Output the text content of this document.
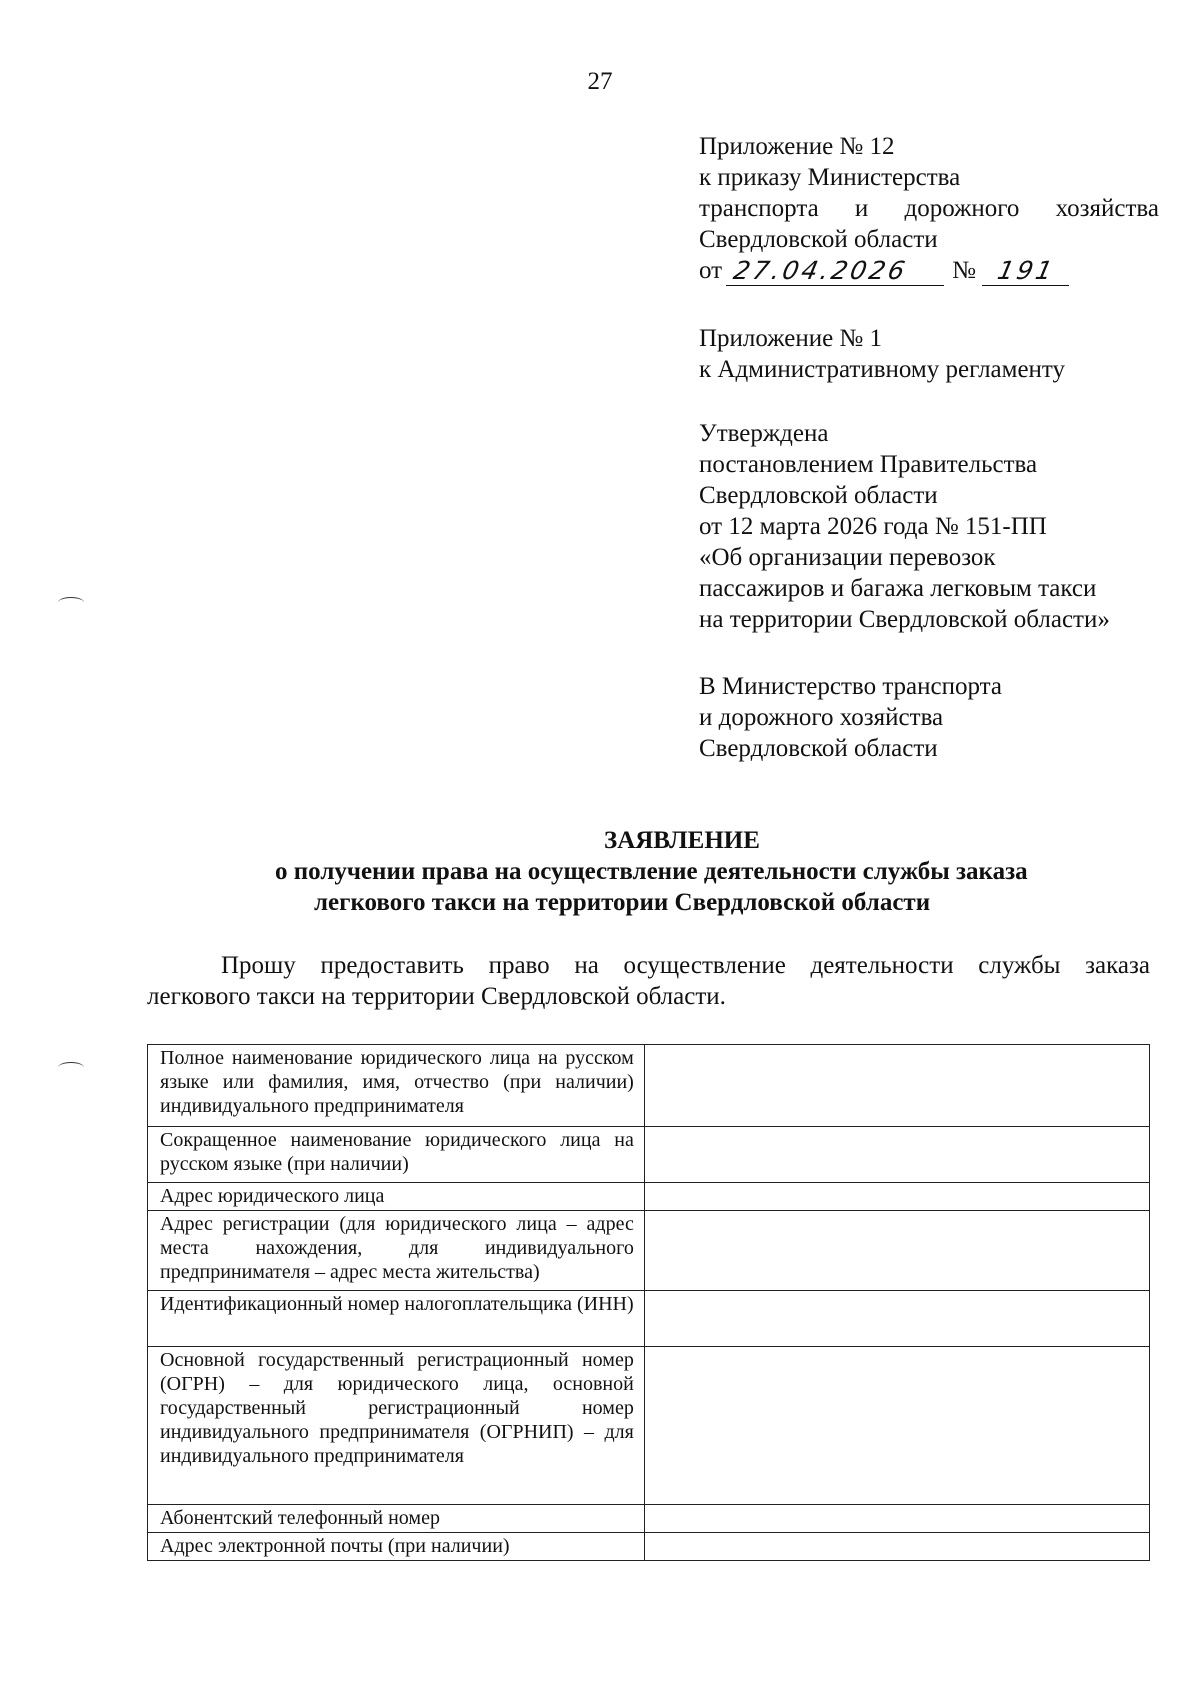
27
Приложение № 12
к приказу Министерства
транспорта и дорожного хозяйства
Свердловской области
от 27.04.2026	№ 191
Приложение № 1
к Административному регламенту
Утверждена
постановлением Правительства
Свердловской области
от 12 марта 2026 года № 151-ПП
«Об организации перевозок
пассажиров и багажа легковым такси
на территории Свердловской области»
В Министерство транспорта
и дорожного хозяйства
Свердловской области
ЗАЯВЛЕНИЕ
о получении права на осуществление деятельности службы заказа
легкового такси на территории Свердловской области
Прошу предоставить право на осуществление деятельности службы заказа
легкового такси на территории Свердловской области.
Полное наименование юридического лица на русском языке или фамилия, имя, отчество (при наличии) индивидуального предпринимателя	
Сокращенное наименование юридического лица на русском языке (при наличии)	
Адрес юридического лица	
Адрес регистрации (для юридического лица – адрес места нахождения, для индивидуального предпринимателя – адрес места жительства)	
Идентификационный номер налогоплательщика (ИНН)	
Основной государственный регистрационный номер (ОГРН) – для юридического лица, основной государственный регистрационный номер индивидуального предпринимателя (ОГРНИП) – для индивидуального предпринимателя	
Абонентский телефонный номер	
Адрес электронной почты (при наличии)	
